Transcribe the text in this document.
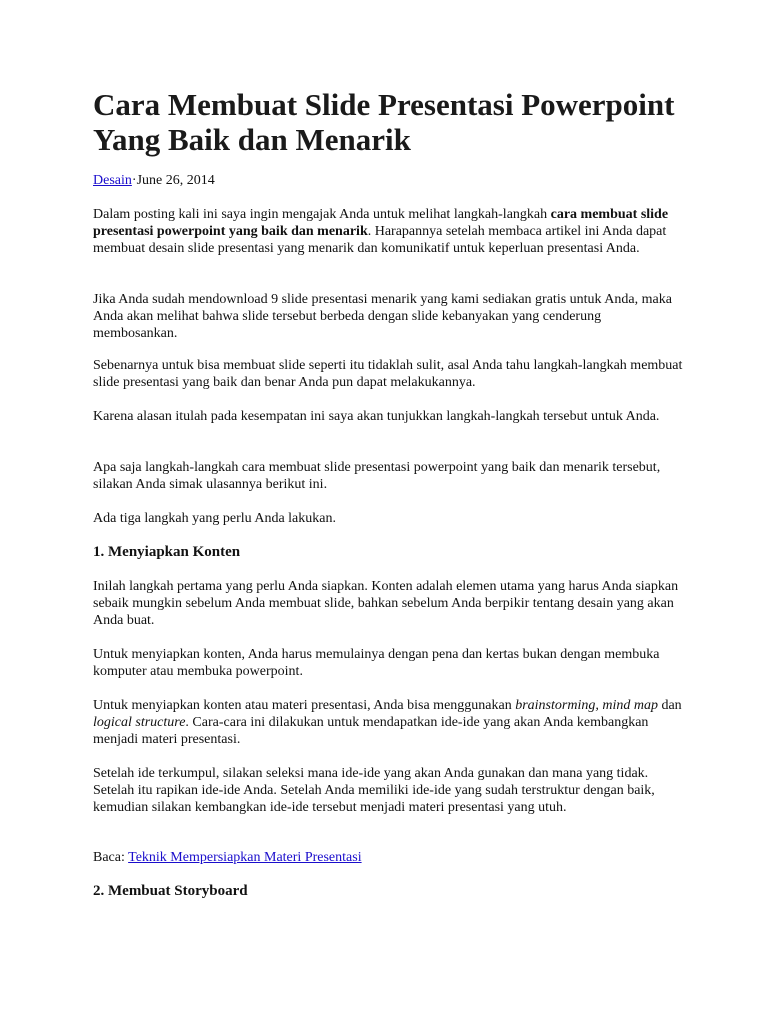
Cara Membuat Slide Presentasi Powerpoint Yang Baik dan Menarik
Desain·June 26, 2014

Dalam posting kali ini saya ingin mengajak Anda untuk melihat langkah-langkah cara membuat slide presentasi powerpoint yang baik dan menarik. Harapannya setelah membaca artikel ini Anda dapat membuat desain slide presentasi yang menarik dan komunikatif untuk keperluan presentasi Anda.

Jika Anda sudah mendownload 9 slide presentasi menarik yang kami sediakan gratis untuk Anda, maka Anda akan melihat bahwa slide tersebut berbeda dengan slide kebanyakan yang cenderung membosankan.

Sebenarnya untuk bisa membuat slide seperti itu tidaklah sulit, asal Anda tahu langkah-langkah membuat slide presentasi yang baik dan benar Anda pun dapat melakukannya.

Karena alasan itulah pada kesempatan ini saya akan tunjukkan langkah-langkah tersebut untuk Anda.

Apa saja langkah-langkah cara membuat slide presentasi powerpoint yang baik dan menarik tersebut, silakan Anda simak ulasannya berikut ini.

Ada tiga langkah yang perlu Anda lakukan.

1. Menyiapkan Konten

Inilah langkah pertama yang perlu Anda siapkan. Konten adalah elemen utama yang harus Anda siapkan sebaik mungkin sebelum Anda membuat slide, bahkan sebelum Anda berpikir tentang desain yang akan Anda buat.

Untuk menyiapkan konten, Anda harus memulainya dengan pena dan kertas bukan dengan membuka komputer atau membuka powerpoint.

Untuk menyiapkan konten atau materi presentasi, Anda bisa menggunakan brainstorming, mind map dan logical structure. Cara-cara ini dilakukan untuk mendapatkan ide-ide yang akan Anda kembangkan menjadi materi presentasi.

Setelah ide terkumpul, silakan seleksi mana ide-ide yang akan Anda gunakan dan mana yang tidak. Setelah itu rapikan ide-ide Anda. Setelah Anda memiliki ide-ide yang sudah terstruktur dengan baik, kemudian silakan kembangkan ide-ide tersebut menjadi materi presentasi yang utuh.

Baca: Teknik Mempersiapkan Materi Presentasi

2. Membuat Storyboard
